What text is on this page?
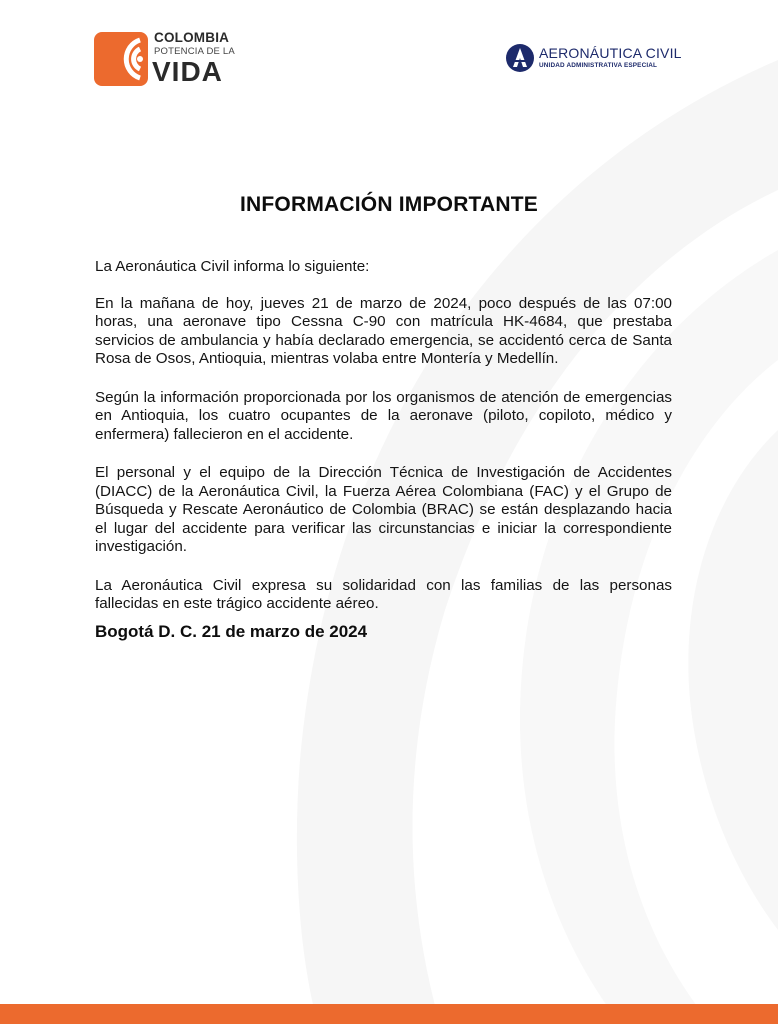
COLOMBIA
POTENCIA DE LA
VIDA
AERONÁUTICA CIVIL
UNIDAD ADMINISTRATIVA ESPECIAL
INFORMACIÓN IMPORTANTE

La Aeronáutica Civil informa lo siguiente:

En la mañana de hoy, jueves 21 de marzo de 2024, poco después de las 07:00 horas, una aeronave tipo Cessna C-90 con matrícula HK-4684, que prestaba servicios de ambulancia y había declarado emergencia, se accidentó cerca de Santa Rosa de Osos, Antioquia, mientras volaba entre Montería y Medellín.

Según la información proporcionada por los organismos de atención de emergencias en Antioquia, los cuatro ocupantes de la aeronave (piloto, copiloto, médico y enfermera) fallecieron en el accidente.

El personal y el equipo de la Dirección Técnica de Investigación de Accidentes (DIACC) de la Aeronáutica Civil, la Fuerza Aérea Colombiana (FAC) y el Grupo de Búsqueda y Rescate Aeronáutico de Colombia (BRAC) se están desplazando hacia el lugar del accidente para verificar las circunstancias e iniciar la correspondiente investigación.

La Aeronáutica Civil expresa su solidaridad con las familias de las personas fallecidas en este trágico accidente aéreo.

Bogotá D. C. 21 de marzo de 2024
